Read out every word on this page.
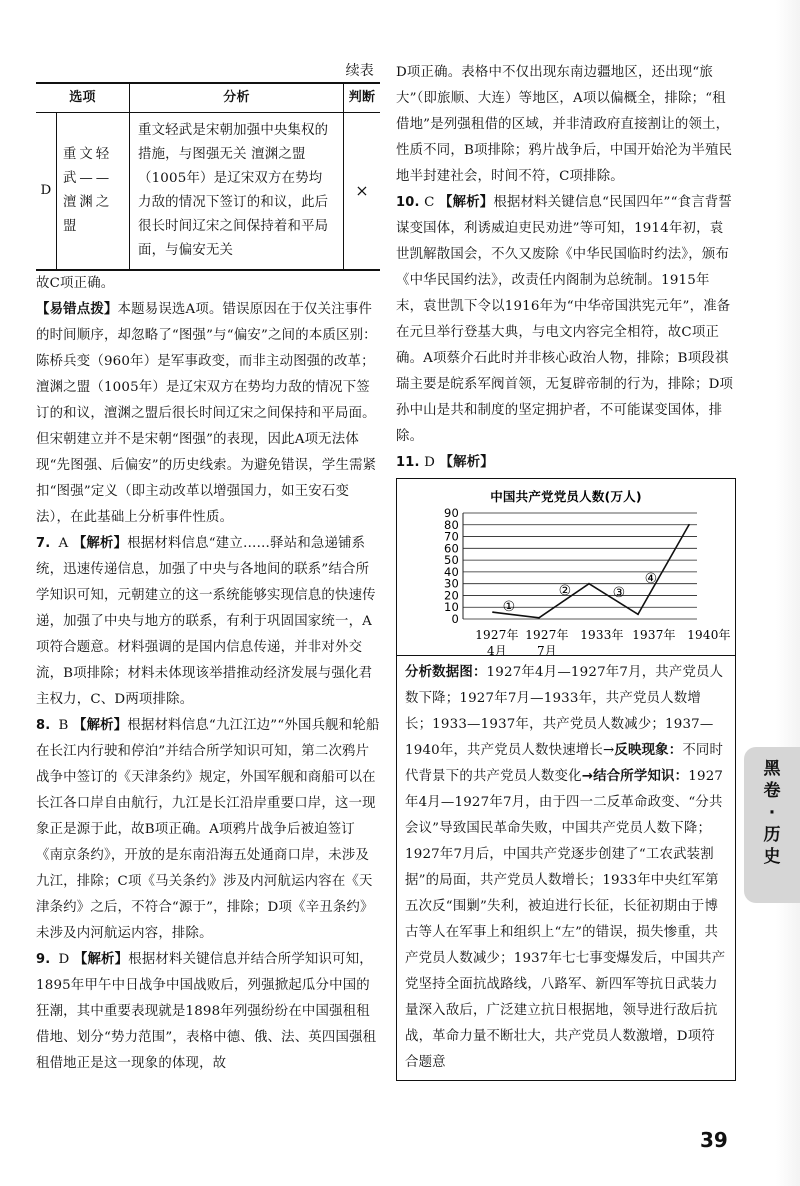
续表
选项		分析	判断
D	重文轻武——澶渊之盟	重文轻武是宋朝加强中央集权的措施，与图强无关 澶渊之盟（1005年）是辽宋双方在势均力敌的情况下签订的和议，此后很长时间辽宋之间保持着和平局面，与偏安无关	×

故C项正确。

【易错点拨】本题易误选A项。错误原因在于仅关注事件的时间顺序，却忽略了“图强”与“偏安”之间的本质区别：陈桥兵变（960年）是军事政变，而非主动图强的改革；澶渊之盟（1005年）是辽宋双方在势均力敌的情况下签订的和议，澶渊之盟后很长时间辽宋之间保持和平局面。但宋朝建立并不是宋朝“图强”的表现，因此A项无法体现“先图强、后偏安”的历史线索。为避免错误，学生需紧扣“图强”定义（即主动改革以增强国力，如王安石变法），在此基础上分析事件性质。

7. A 【解析】根据材料信息“建立……驿站和急递铺系统，迅速传递信息，加强了中央与各地间的联系”结合所学知识可知，元朝建立的这一系统能够实现信息的快速传递，加强了中央与地方的联系，有利于巩固国家统一，A项符合题意。材料强调的是国内信息传递，并非对外交流，B项排除；材料未体现该举措推动经济发展与强化君主权力，C、D两项排除。

8. B 【解析】根据材料信息“九江江边”“外国兵舰和轮船在长江内行驶和停泊”并结合所学知识可知，第二次鸦片战争中签订的《天津条约》规定，外国军舰和商船可以在长江各口岸自由航行，九江是长江沿岸重要口岸，这一现象正是源于此，故B项正确。A项鸦片战争后被迫签订《南京条约》，开放的是东南沿海五处通商口岸，未涉及九江，排除；C项《马关条约》涉及内河航运内容在《天津条约》之后，不符合“源于”，排除；D项《辛丑条约》未涉及内河航运内容，排除。

9. D 【解析】根据材料关键信息并结合所学知识可知，1895年甲午中日战争中国战败后，列强掀起瓜分中国的狂潮，其中重要表现就是1898年列强纷纷在中国强租租借地、划分“势力范围”，表格中德、俄、法、英四国强租租借地正是这一现象的体现，故

D项正确。表格中不仅出现东南边疆地区，还出现“旅大”（即旅顺、大连）等地区，A项以偏概全，排除；“租借地”是列强租借的区域，并非清政府直接割让的领土，性质不同，B项排除；鸦片战争后，中国开始沦为半殖民地半封建社会，时间不符，C项排除。

10. C 【解析】根据材料关键信息“民国四年”“食言背誓谋变国体，利诱威迫吏民劝进”等可知，1914年初，袁世凯解散国会，不久又废除《中华民国临时约法》，颁布《中华民国约法》，改责任内阁制为总统制。1915年末，袁世凯下令以1916年为“中华帝国洪宪元年”，准备在元旦举行登基大典，与电文内容完全相符，故C项正确。A项蔡介石此时并非核心政治人物，排除；B项段祺瑞主要是皖系军阀首领，无复辟帝制的行为，排除；D项孙中山是共和制度的坚定拥护者，不可能谋变国体，排除。

11. D 【解析】

中国共产党党员人数(万人)
0
10
20
30
40
50
60
70
80
90
①
②	③
④
1927年 1927年 1933年 1937年 1940年
4月 7月
分析数据图：1927年4月—1927年7月，共产党员人数下降；1927年7月—1933年，共产党员人数增长；1933—1937年，共产党员人数减少；1937—1940年，共产党员人数快速增长→反映现象：不同时代背景下的共产党员人数变化→结合所学知识：1927年4月—1927年7月，由于四一二反革命政变、“分共会议”导致国民革命失败，中国共产党员人数下降；1927年7月后，中国共产党逐步创建了“工农武装割据”的局面，共产党员人数增长；1933年中央红军第五次反“围剿”失利，被迫进行长征，长征初期由于博古等人在军事上和组织上“左”的错误，损失惨重，共产党员人数减少；1937年七七事变爆发后，中国共产党坚持全面抗战路线，八路军、新四军等抗日武装力量深入敌后，广泛建立抗日根据地，领导进行敌后抗战，革命力量不断壮大，共产党员人数激增，D项符合题意
黑卷
·
历史
39
